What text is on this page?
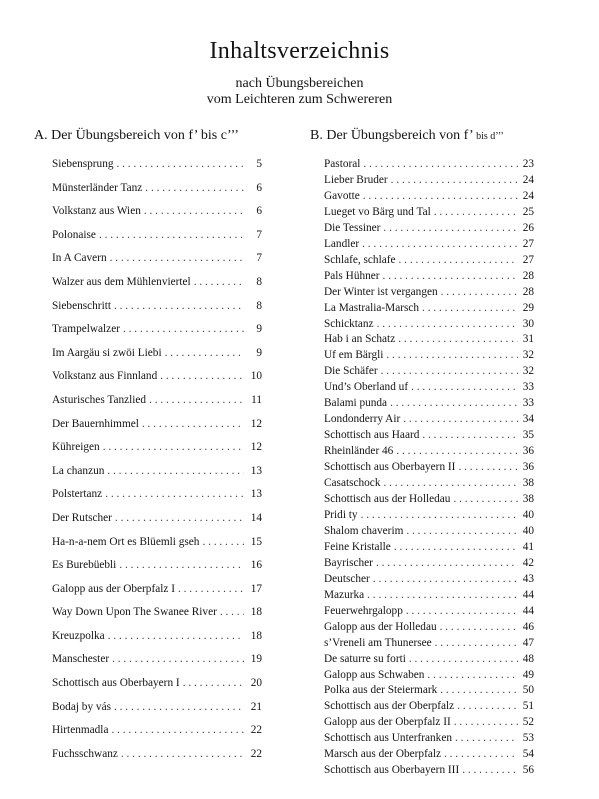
Inhaltsverzeichnis
nach Übungsbereichen
vom Leichteren zum Schwereren
A. Der Übungsbereich von f’ bis c’’’	B. Der Übungsbereich von f’ bis d’’’
Siebensprung . . .	5
Münsterländer Tanz . . .	6
Volkstanz aus Wien . . .	6
Polonaise . . .	7
In A Cavern . . .	7
Walzer aus dem Mühlenviertel . . .	8
Siebenschritt . . .	8
Trampelwalzer . . .	9
Im Aargäu si zwöi Liebi . . .	9
Volkstanz aus Finnland . . .	10
Asturisches Tanzlied . . .	11
Der Bauernhimmel . . .	12
Kühreigen . . .	12
La chanzun . . .	13
Polstertanz . . .	13
Der Rutscher . . .	14
Ha-n-a-nem Ort es Blüemli gseh . . .	15
Es Burebüebli . . .	16
Galopp aus der Oberpfalz I . . .	17
Way Down Upon The Swanee River . . .	18
Kreuzpolka . . .	18
Manschester . . .	19
Schottisch aus Oberbayern I . . .	20
Bodaj by vás . . .	21
Hirtenmadla . . .	22
Fuchsschwanz . . .	22
Pastoral . . .	23
Lieber Bruder . . .	24
Gavotte . . .	24
Lueget vo Bärg und Tal . . .	25
Die Tessiner . . .	26
Landler . . .	27
Schlafe, schlafe . . .	27
Pals Hühner . . .	28
Der Winter ist vergangen . . .	28
La Mastralia-Marsch . . .	29
Schicktanz . . .	30
Hab i an Schatz . . .	31
Uf em Bärgli . . .	32
Die Schäfer . . .	32
Und’s Oberland uf . . .	33
Balami punda . . .	33
Londonderry Air . . .	34
Schottisch aus Haard . . .	35
Rheinländer 46 . . .	36
Schottisch aus Oberbayern II . . .	36
Casatschock . . .	38
Schottisch aus der Holledau . . .	38
Pridi ty . . .	40
Shalom chaverim . . .	40
Feine Kristalle . . .	41
Bayrischer . . .	42
Deutscher . . .	43
Mazurka . . .	44
Feuerwehrgalopp . . .	44
Galopp aus der Holledau . . .	46
s’Vreneli am Thunersee . . .	47
De saturre su forti . . .	48
Galopp aus Schwaben . . .	49
Polka aus der Steiermark . . .	50
Schottisch aus der Oberpfalz . . .	51
Galopp aus der Oberpfalz II . . .	52
Schottisch aus Unterfranken . . .	53
Marsch aus der Oberpfalz . . .	54
Schottisch aus Oberbayern III . . .	56
